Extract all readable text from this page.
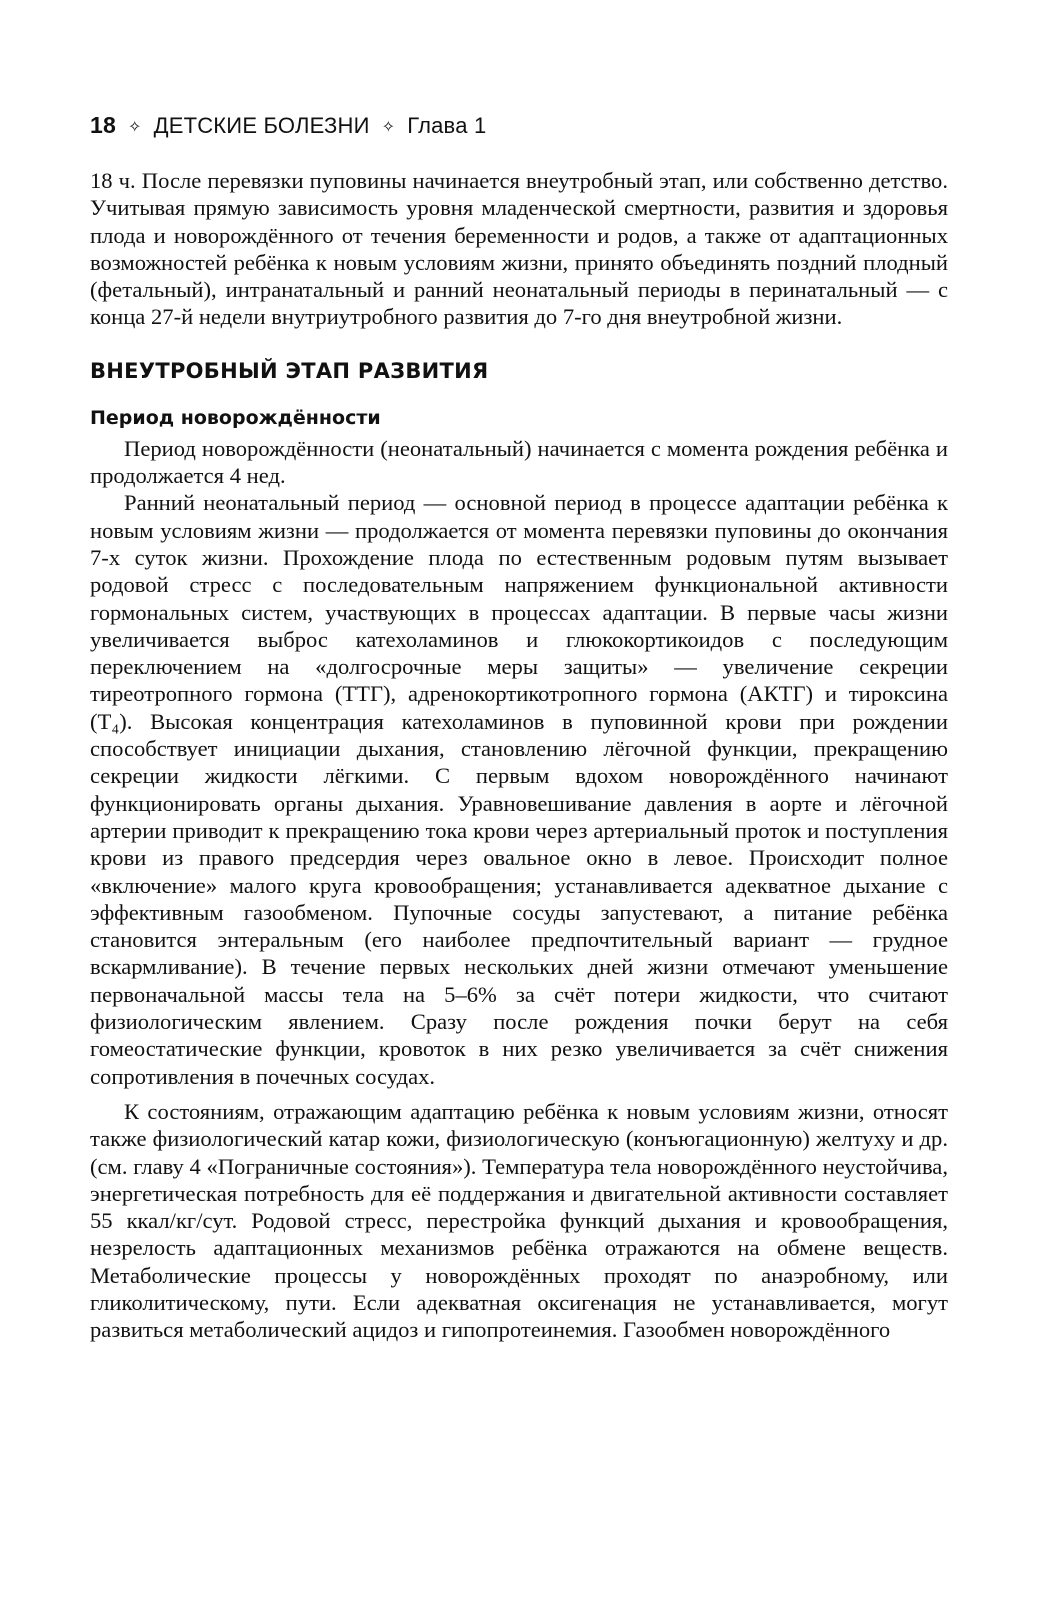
18 ✧ ДЕТСКИЕ БОЛЕЗНИ ✧ Глава 1

18 ч. После перевязки пуповины начинается внеутробный этап, или собственно детство. Учитывая прямую зависимость уровня младенческой смертности, развития и здоровья плода и новорождённого от течения беременности и родов, а также от адаптационных возможностей ребёнка к новым условиям жизни, принято объединять поздний плодный (фетальный), интранатальный и ранний неонатальный периоды в перинатальный — с конца 27-й недели внутриутробного развития до 7-го дня внеутробной жизни.

ВНЕУТРОБНЫЙ ЭТАП РАЗВИТИЯ
Период новорождённости

Период новорождённости (неонатальный) начинается с момента рождения ребёнка и продолжается 4 нед.

Ранний неонатальный период — основной период в процессе адаптации ребёнка к новым условиям жизни — продолжается от момента перевязки пуповины до окончания 7-х суток жизни. Прохождение плода по естественным родовым путям вызывает родовой стресс с последовательным напряжением функциональной активности гормональных систем, участвующих в процессах адаптации. В первые часы жизни увеличивается выброс катехоламинов и глюкокортикоидов с последующим переключением на «долгосрочные меры защиты» — увеличение секреции тиреотропного гормона (ТТГ), адренокортикотропного гормона (АКТГ) и тироксина (Т₄). Высокая концентрация катехоламинов в пуповинной крови при рождении способствует инициации дыхания, становлению лёгочной функции, прекращению секреции жидкости лёгкими. С первым вдохом новорождённого начинают функционировать органы дыхания. Уравновешивание давления в аорте и лёгочной артерии приводит к прекращению тока крови через артериальный проток и поступления крови из правого предсердия через овальное окно в левое. Происходит полное «включение» малого круга кровообращения; устанавливается адекватное дыхание с эффективным газообменом. Пупочные сосуды запустевают, а питание ребёнка становится энтеральным (его наиболее предпочтительный вариант — грудное вскармливание). В течение первых нескольких дней жизни отмечают уменьшение первоначальной массы тела на 5–6% за счёт потери жидкости, что считают физиологическим явлением. Сразу после рождения почки берут на себя гомеостатические функции, кровоток в них резко увеличивается за счёт снижения сопротивления в почечных сосудах.

К состояниям, отражающим адаптацию ребёнка к новым условиям жизни, относят также физиологический катар кожи, физиологическую (конъюгационную) желтуху и др. (см. главу 4 «Пограничные состояния»). Температура тела новорождённого неустойчива, энергетическая потребность для её поддержания и двигательной активности составляет 55 ккал/кг/сут. Родовой стресс, перестройка функций дыхания и кровообращения, незрелость адаптационных механизмов ребёнка отражаются на обмене веществ. Метаболические процессы у новорождённых проходят по анаэробному, или гликолитическому, пути. Если адекватная оксигенация не устанавливается, могут развиться метаболический ацидоз и гипопротеинемия. Газообмен новорождённого
